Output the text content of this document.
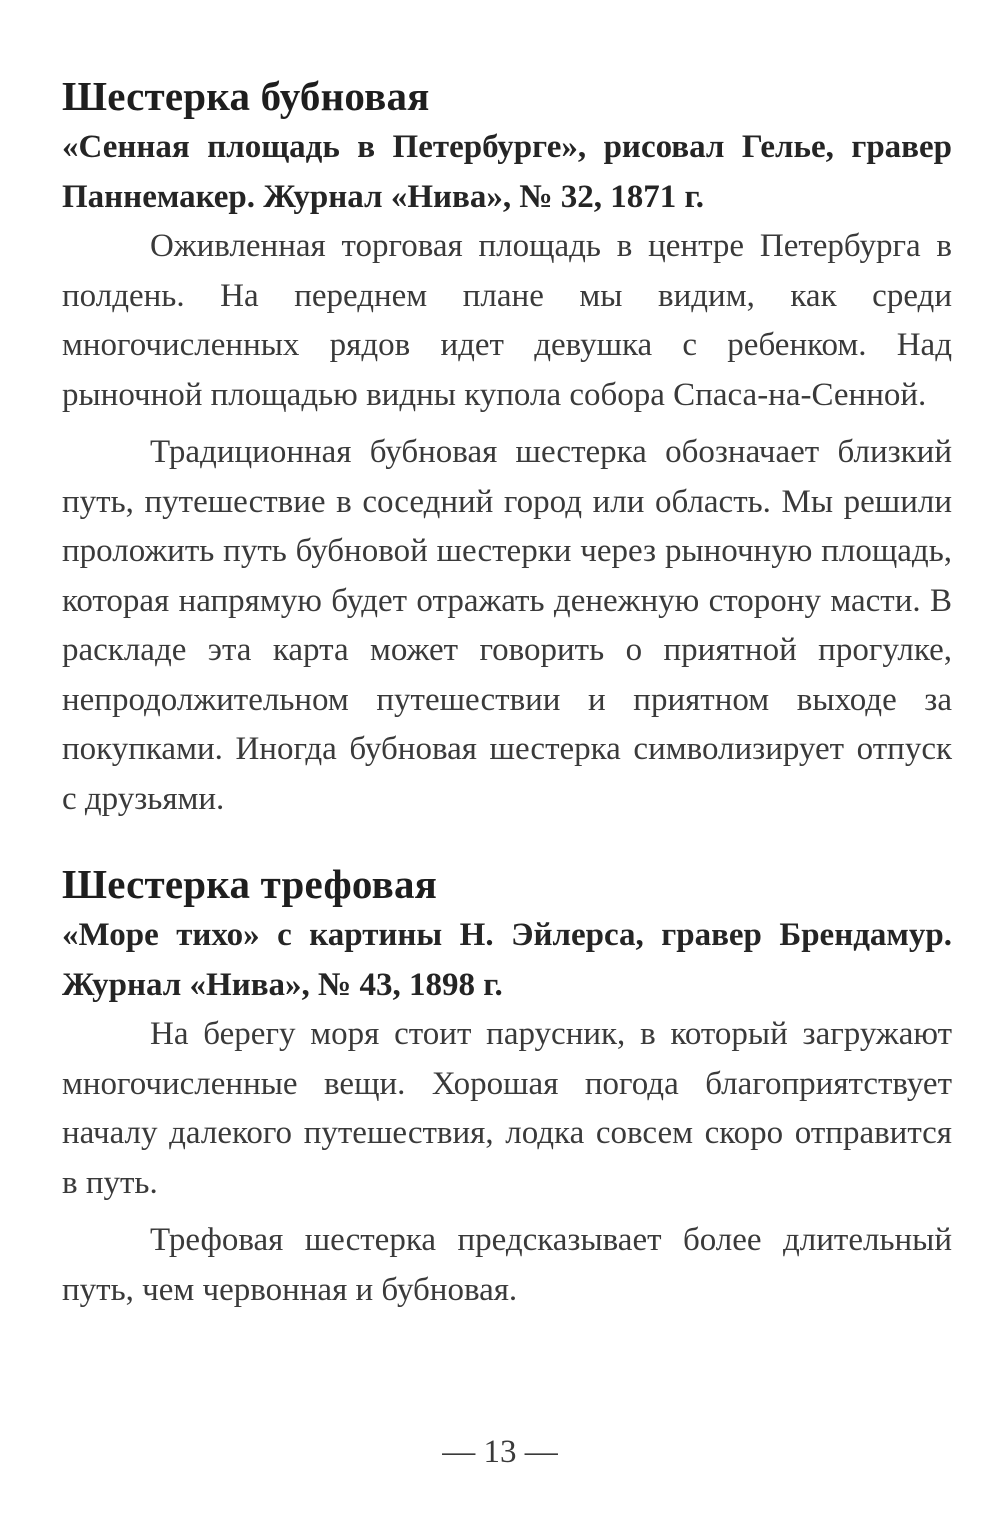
Шестерка бубновая

«Сенная площадь в Петербурге», рисовал Гелье, гравер Паннемакер. Журнал «Нива», № 32, 1871 г.

Оживленная торговая площадь в центре Петербурга в полдень. На переднем плане мы видим, как среди многочисленных рядов идет девушка с ребенком. Над рыночной площадью видны купола собора Спаса-на-Сенной.

Традиционная бубновая шестерка обозначает близкий путь, путешествие в соседний город или область. Мы решили проложить путь бубновой шестерки через рыночную площадь, которая напрямую будет отражать денежную сторону масти. В раскладе эта карта может говорить о приятной прогулке, непродолжительном путешествии и приятном выходе за покупками. Иногда бубновая шестерка символизирует отпуск с друзьями.

Шестерка трефовая

«Море тихо» с картины Н. Эйлерса, гравер Брендамур. Журнал «Нива», № 43, 1898 г.

На берегу моря стоит парусник, в который загружают многочисленные вещи. Хорошая погода благоприятствует началу далекого путешествия, лодка совсем скоро отправится в путь.

Трефовая шестерка предсказывает более длительный путь, чем червонная и бубновая.

— 13 —
